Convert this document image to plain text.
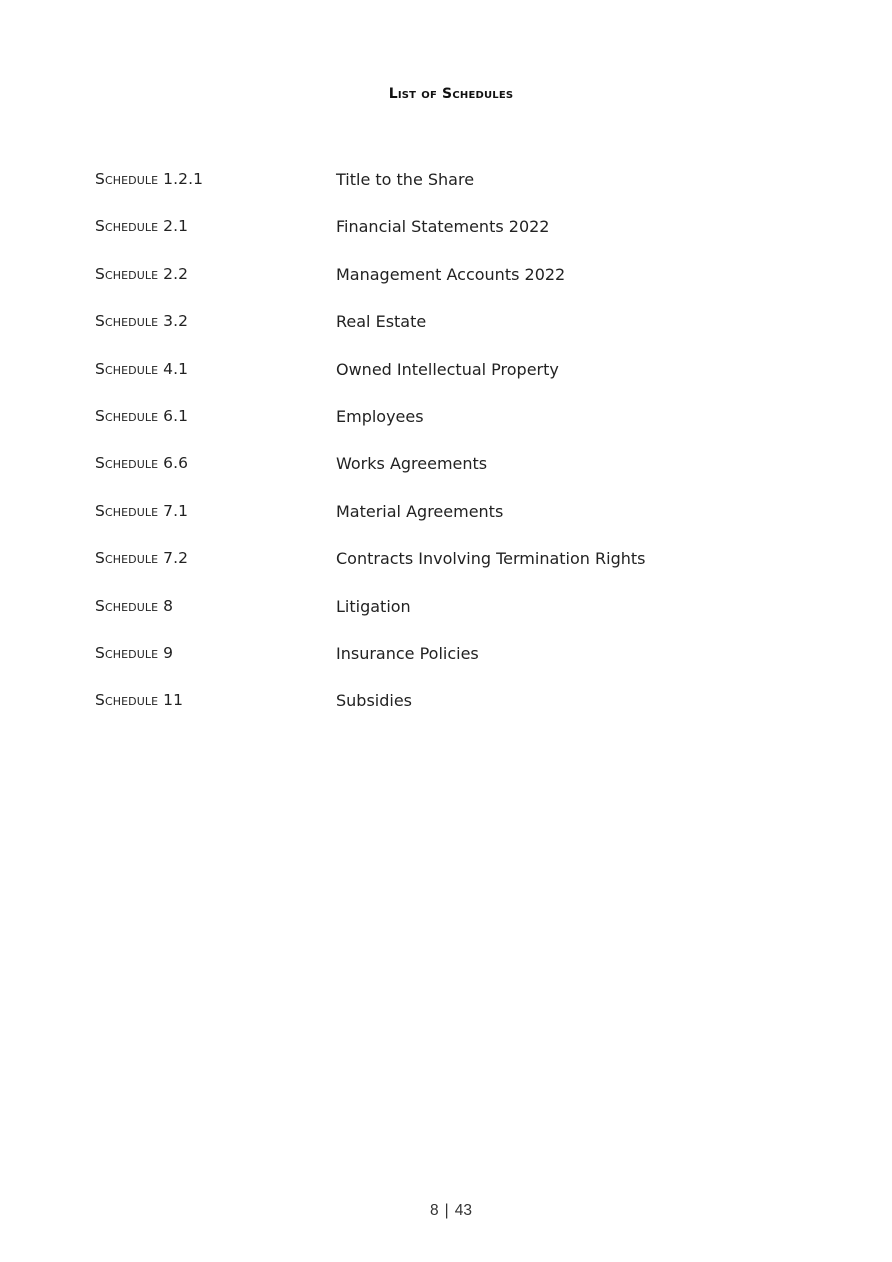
List of Schedules
Schedule 1.2.1	Title to the Share
Schedule 2.1	Financial Statements 2022
Schedule 2.2	Management Accounts 2022
Schedule 3.2	Real Estate
Schedule 4.1	Owned Intellectual Property
Schedule 6.1	Employees
Schedule 6.6	Works Agreements
Schedule 7.1	Material Agreements
Schedule 7.2	Contracts Involving Termination Rights
Schedule 8	Litigation
Schedule 9	Insurance Policies
Schedule 11	Subsidies
8 | 43
